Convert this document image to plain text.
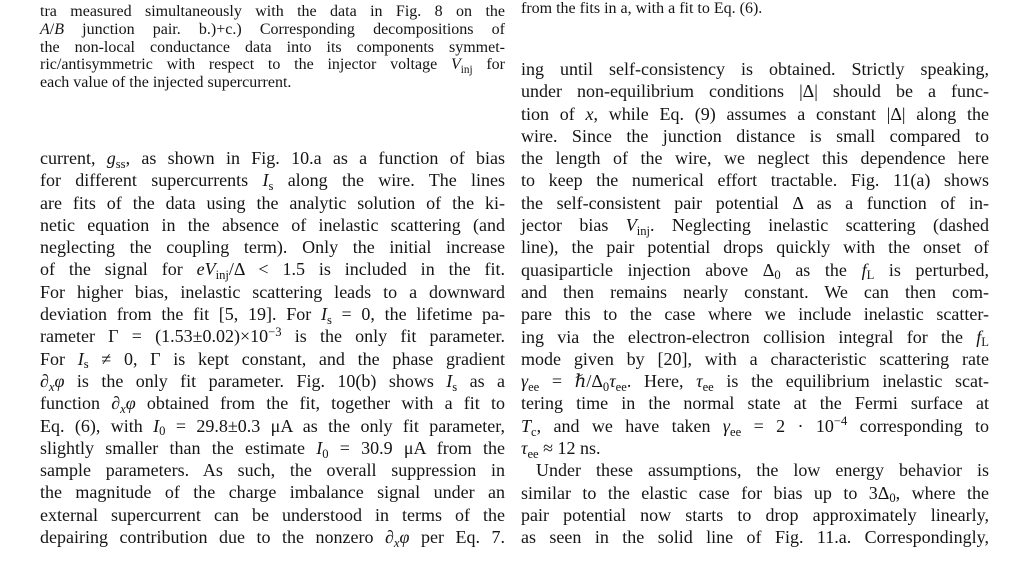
tra measured simultaneously with the data in Fig. 8 on the
A/B junction pair. b.)+c.) Corresponding decompositions of
the non-local conductance data into its components symmet-
ric/antisymmetric with respect to the injector voltage $V_{inj}$ for
each value of the injected supercurrent.
current, $g_{ss}$, as shown in Fig. 10.a as a function of bias
for different supercurrents $I_s$ along the wire. The lines
are fits of the data using the analytic solution of the ki-
netic equation in the absence of inelastic scattering (and
neglecting the coupling term). Only the initial increase
of the signal for $eV_{inj}/\Delta < 1.5$ is included in the fit.
For higher bias, inelastic scattering leads to a downward
deviation from the fit [5, 19]. For $I_s = 0$, the lifetime pa-
rameter $\Gamma = (1.53\pm 0.02)\times 10^{-3}$ is the only fit parameter.
For $I_s \ne 0$, Γ is kept constant, and the phase gradient
$\partial_x\varphi$ is the only fit parameter. Fig. 10(b) shows $I_s$ as a
function $\partial_x\varphi$ obtained from the fit, together with a fit to
Eq. (6), with $I_0 = 29.8\pm 0.3$ μA as the only fit parameter,
slightly smaller than the estimate $I_0 = 30.9$ μA from the
sample parameters. As such, the overall suppression in
the magnitude of the charge imbalance signal under an
external supercurrent can be understood in terms of the
depairing contribution due to the nonzero $\partial_x\varphi$ per Eq. 7.
from the fits in a, with a fit to Eq. (6).
ing until self-consistency is obtained. Strictly speaking,
under non-equilibrium conditions |Δ| should be a func-
tion of x, while Eq. (9) assumes a constant |Δ| along the
wire. Since the junction distance is small compared to
the length of the wire, we neglect this dependence here
to keep the numerical effort tractable. Fig. 11(a) shows
the self-consistent pair potential Δ as a function of in-
jector bias $V_{inj}$. Neglecting inelastic scattering (dashed
line), the pair potential drops quickly with the onset of
quasiparticle injection above $\Delta_0$ as the $f_L$ is perturbed,
and then remains nearly constant. We can then com-
pare this to the case where we include inelastic scatter-
ing via the electron-electron collision integral for the $f_L$
mode given by [20], with a characteristic scattering rate
$\gamma_{ee}$ = $\hbar/\Delta_0\tau_{ee}$. Here, $\tau_{ee}$ is the equilibrium inelastic scat-
tering time in the normal state at the Fermi surface at
$T_c$, and we have taken $\gamma_{ee} = 2 \cdot 10^{-4}$ corresponding to
$\tau_{ee} \approx 12$ ns.
Under these assumptions, the low energy behavior is
similar to the elastic case for bias up to $3\Delta_0$, where the
pair potential now starts to drop approximately linearly,
as seen in the solid line of Fig. 11.a. Correspondingly,
